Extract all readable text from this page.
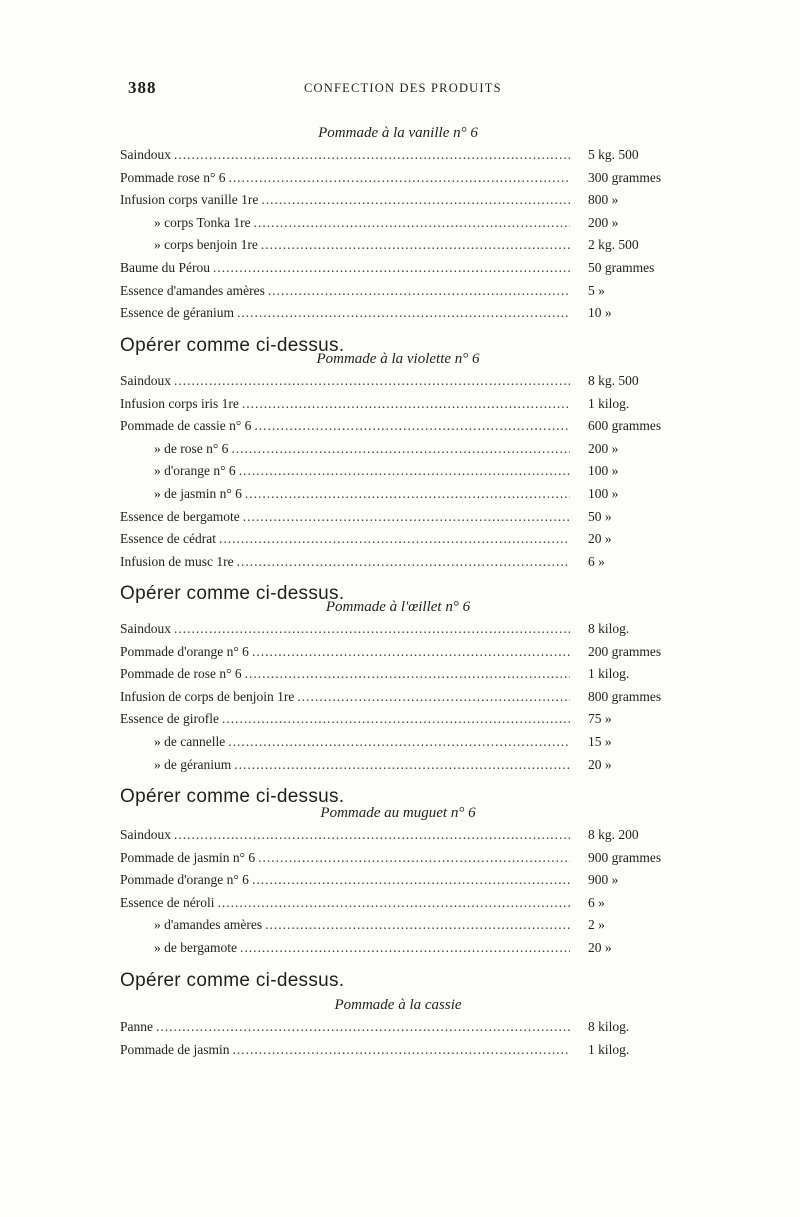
388	CONFECTION DES PRODUITS
Pommade à la vanille n° 6
Saindoux .....	5 kg. 500
Pommade rose n° 6 .....	300 grammes
Infusion corps vanille 1re .....	800 »
» corps Tonka 1re .....	200 »
» corps benjoin 1re .....	2 kg. 500
Baume du Pérou .....	50 grammes
Essence d'amandes amères .....	5 »
Essence de géranium .....	10 »
Opérer comme ci-dessus.
Pommade à la violette n° 6
Saindoux .....	8 kg. 500
Infusion corps iris 1re .....	1 kilog.
Pommade de cassie n° 6 .....	600 grammes
» de rose n° 6 .....	200 »
» d'orange n° 6 .....	100 »
» de jasmin n° 6 .....	100 »
Essence de bergamote .....	50 »
Essence de cédrat .....	20 »
Infusion de musc 1re .....	6 »
Opérer comme ci-dessus.
Pommade à l'œillet n° 6
Saindoux .....	8 kilog.
Pommade d'orange n° 6 .....	200 grammes
Pommade de rose n° 6 .....	1 kilog.
Infusion de corps de benjoin 1re .....	800 grammes
Essence de girofle .....	75 »
» de cannelle .....	15 »
» de géranium .....	20 »
Opérer comme ci-dessus.
Pommade au muguet n° 6
Saindoux .....	8 kg. 200
Pommade de jasmin n° 6 .....	900 grammes
Pommade d'orange n° 6 .....	900 »
Essence de néroli .....	6 »
» d'amandes amères .....	2 »
» de bergamote .....	20 »
Opérer comme ci-dessus.
Pommade à la cassie
Panne .....	8 kilog.
Pommade de jasmin .....	1 kilog.
